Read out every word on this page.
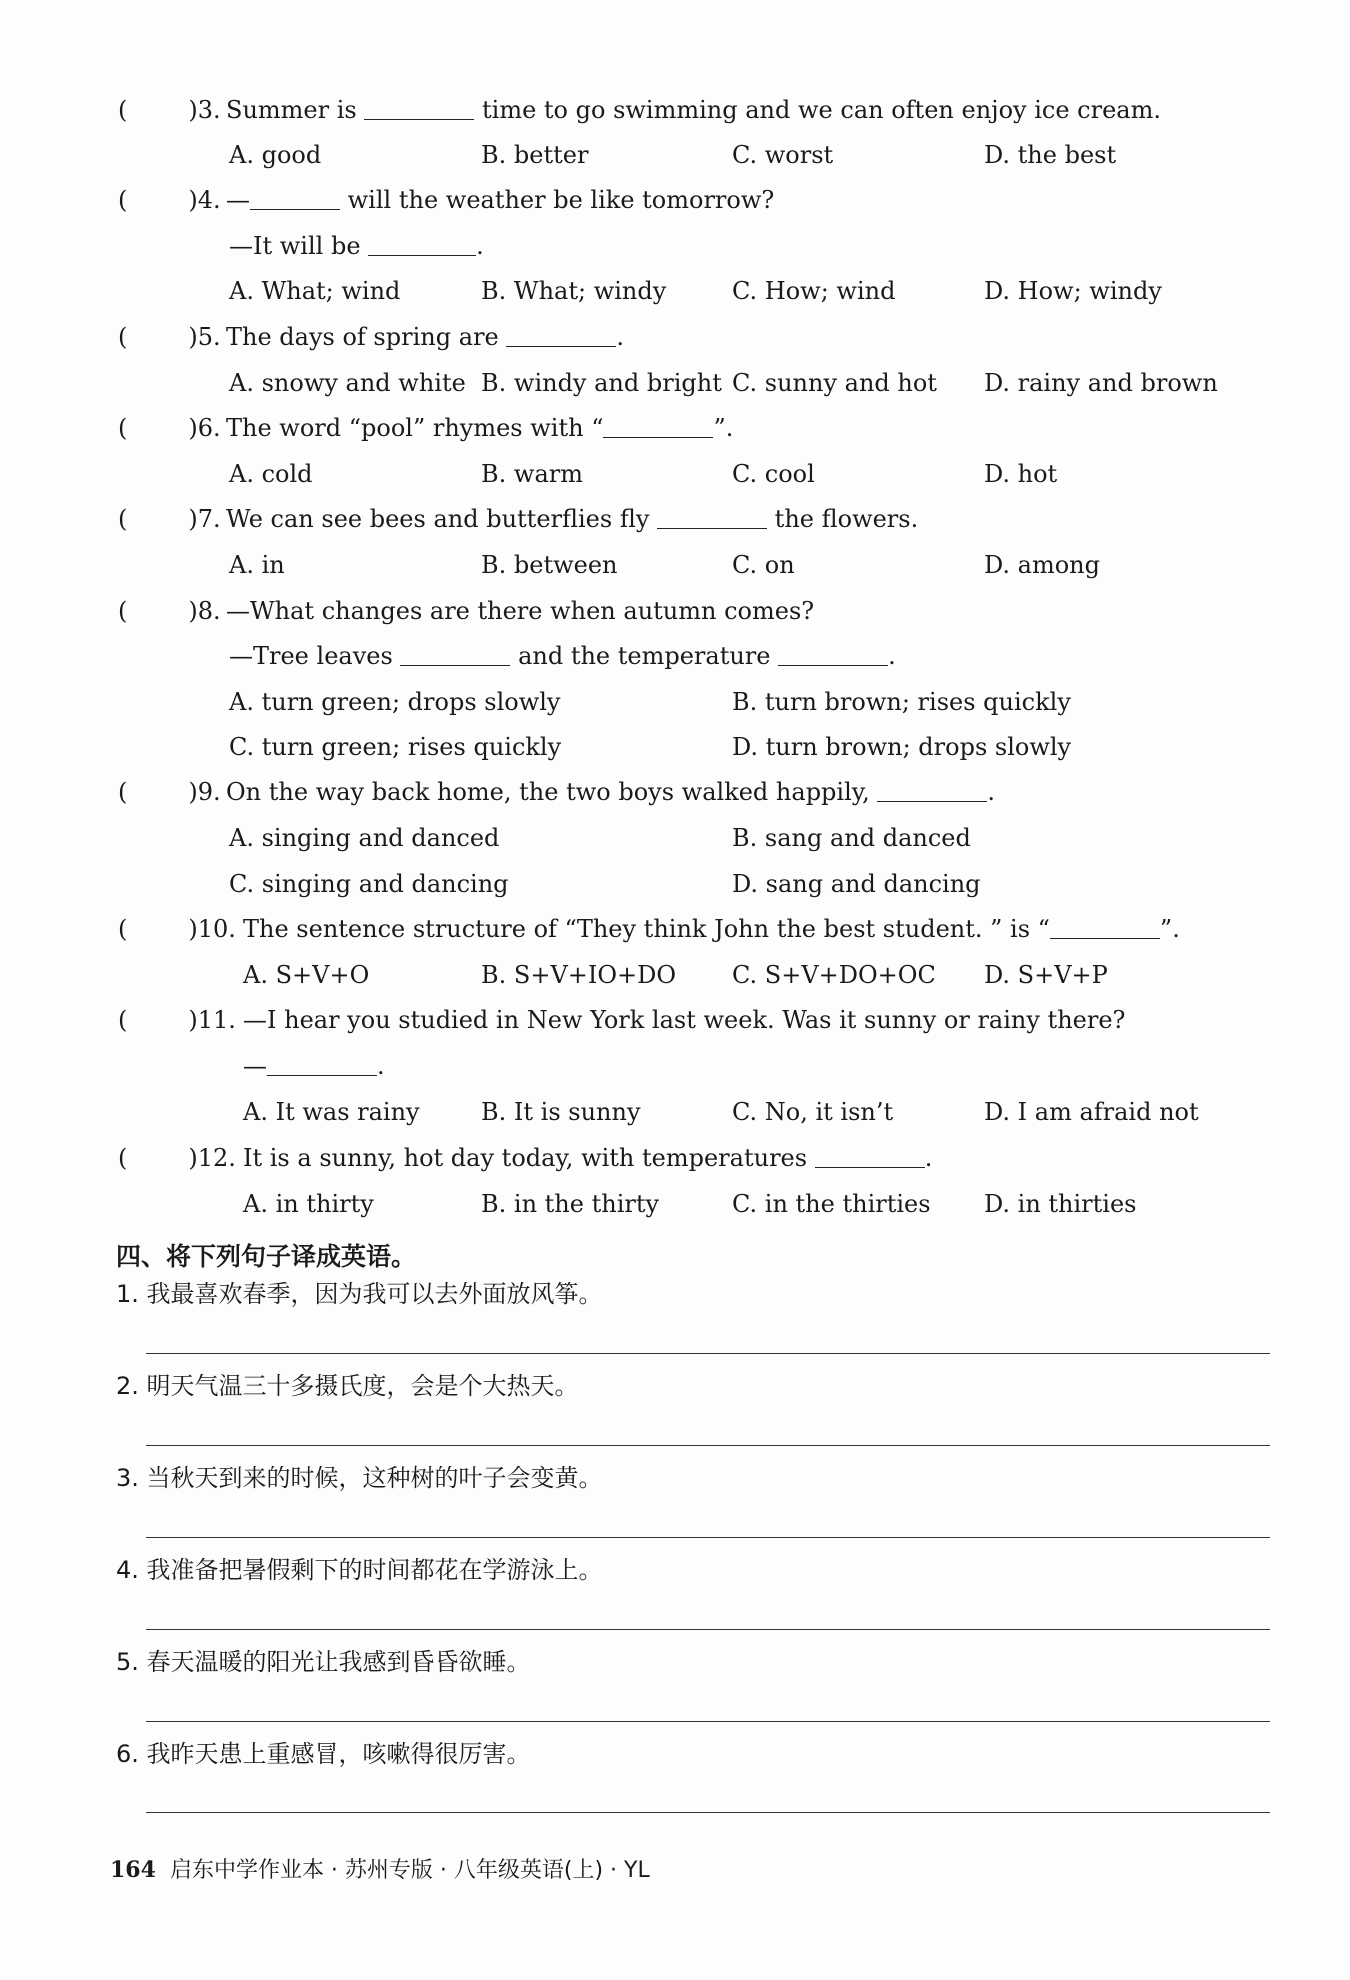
(	)3. Summer is	time to go swimming and we can often enjoy ice cream.
A. good	B. better	C. worst	D. the best
(	)4. —	will the weather be like tomorrow?
—It will be	.
A. What; wind	B. What; windy	C. How; wind	D. How; windy
(	)5. The days of spring are	.
A. snowy and white B. windy and bright C. sunny and hot D. rainy and brown
(	)6. The word “pool” rhymes with “	”.
A. cold	B. warm	C. cool	D. hot
(	)7. We can see bees and butterflies fly	the flowers.
A. in	B. between	C. on	D. among
(	)8. —What changes are there when autumn comes?
—Tree leaves	and the temperature	.
A. turn green; drops slowly	B. turn brown; rises quickly
C. turn green; rises quickly	D. turn brown; drops slowly
(	)9. On the way back home, the two boys walked happily,	.
A. singing and danced	B. sang and danced
C. singing and dancing	D. sang and dancing
(	)10. The sentence structure of “They think John the best student. ” is “	”.
A. S+V+O	B. S+V+IO+DO C. S+V+DO+OC D. S+V+P
(	)11. —I hear you studied in New York last week. Was it sunny or rainy there?
—	.
A. It was rainy	B. It is sunny	C. No, it isn’t	D. I am afraid not
(	)12. It is a sunny, hot day today, with temperatures	.
A. in thirty	B. in the thirty	C. in the thirties D. in thirties
四、将下列句子译成英语。
1. 我最喜欢春季，因为我可以去外面放风筝。
2. 明天气温三十多摄氏度，会是个大热天。
3. 当秋天到来的时候，这种树的叶子会变黄。
4. 我准备把暑假剩下的时间都花在学游泳上。
5. 春天温暖的阳光让我感到昏昏欲睡。
6. 我昨天患上重感冒，咳嗽得很厉害。
164 启东中学作业本 · 苏州专版 · 八年级英语(上) · YL
